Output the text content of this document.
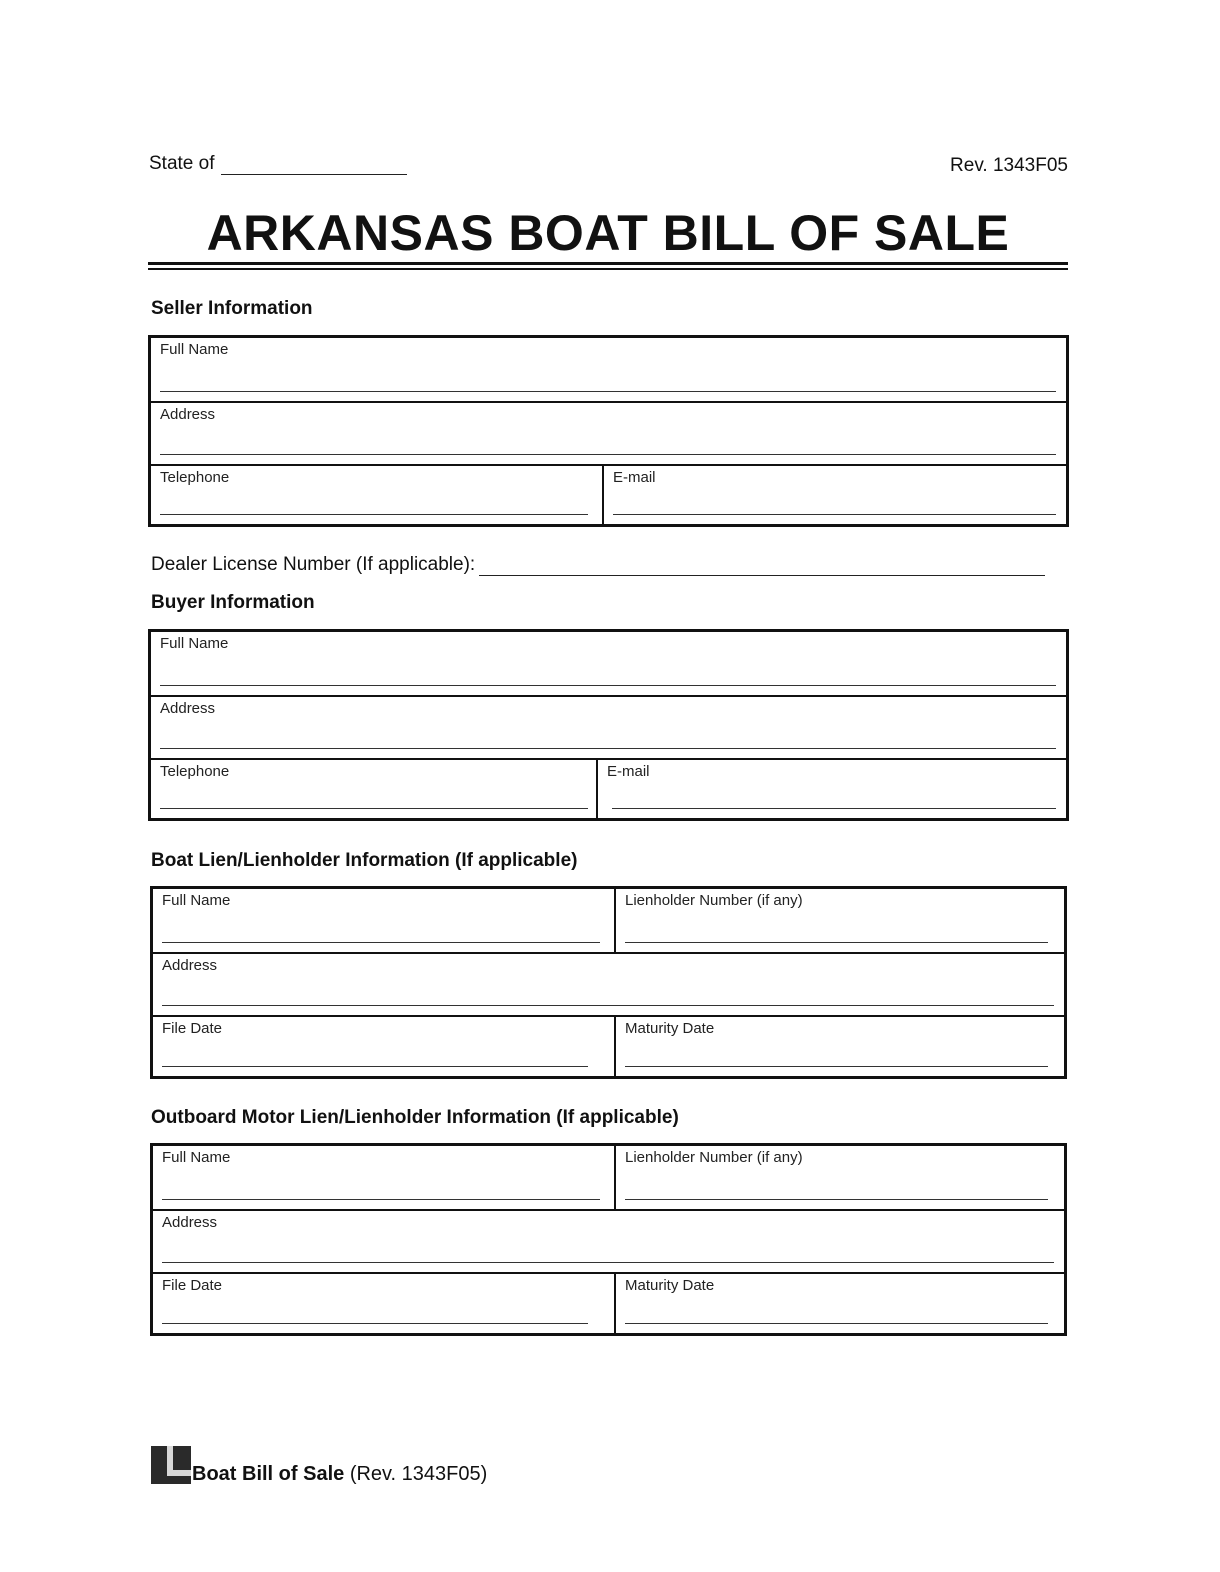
State of	Rev. 1343F05
ARKANSAS BOAT BILL OF SALE
Seller Information
Full Name
Address
Telephone	E-mail
Dealer License Number (If applicable):
Buyer Information
Full Name
Address
Telephone	E-mail
Boat Lien/Lienholder Information (If applicable)
Full Name	Lienholder Number (if any)
Address
File Date	Maturity Date
Outboard Motor Lien/Lienholder Information (If applicable)
Full Name	Lienholder Number (if any)
Address
File Date	Maturity Date
Boat Bill of Sale (Rev. 1343F05)
